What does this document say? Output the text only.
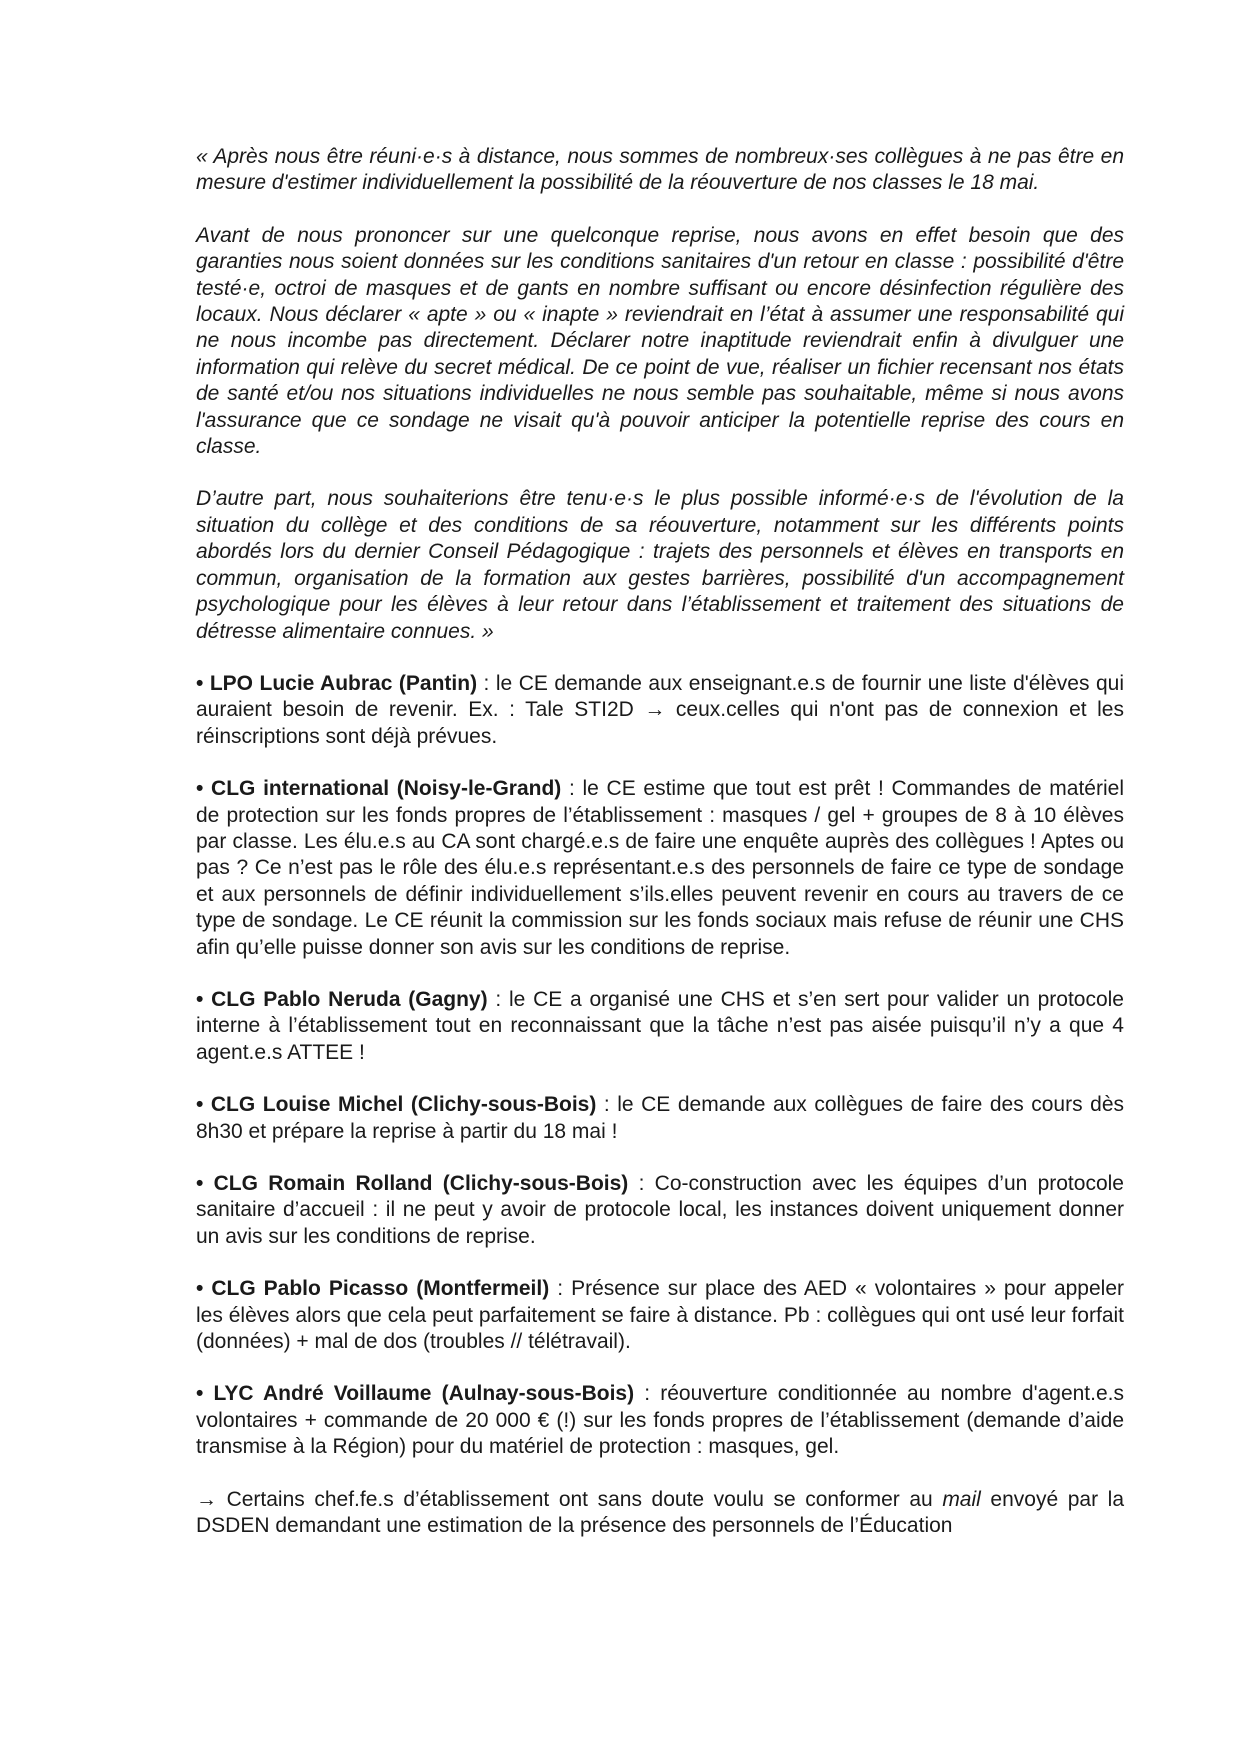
« Après nous être réuni·e·s à distance, nous sommes de nombreux·ses collègues à ne pas être en mesure d'estimer individuellement la possibilité de la réouverture de nos classes le 18 mai.

Avant de nous prononcer sur une quelconque reprise, nous avons en effet besoin que des garanties nous soient données sur les conditions sanitaires d'un retour en classe : possibilité d'être testé·e, octroi de masques et de gants en nombre suffisant ou encore désinfection régulière des locaux. Nous déclarer « apte » ou « inapte » reviendrait en l’état à assumer une responsabilité qui ne nous incombe pas directement. Déclarer notre inaptitude reviendrait enfin à divulguer une information qui relève du secret médical. De ce point de vue, réaliser un fichier recensant nos états de santé et/ou nos situations individuelles ne nous semble pas souhaitable, même si nous avons l'assurance que ce sondage ne visait qu'à pouvoir anticiper la potentielle reprise des cours en classe.

D’autre part, nous souhaiterions être tenu·e·s le plus possible informé·e·s de l'évolution de la situation du collège et des conditions de sa réouverture, notamment sur les différents points abordés lors du dernier Conseil Pédagogique : trajets des personnels et élèves en transports en commun, organisation de la formation aux gestes barrières, possibilité d'un accompagnement psychologique pour les élèves à leur retour dans l’établissement et traitement des situations de détresse alimentaire connues. »

• LPO Lucie Aubrac (Pantin) : le CE demande aux enseignant.e.s de fournir une liste d'élèves qui auraient besoin de revenir. Ex. : Tale STI2D → ceux.celles qui n'ont pas de connexion et les réinscriptions sont déjà prévues.

• CLG international (Noisy-le-Grand) : le CE estime que tout est prêt ! Commandes de matériel de protection sur les fonds propres de l’établissement : masques / gel + groupes de 8 à 10 élèves par classe. Les élu.e.s au CA sont chargé.e.s de faire une enquête auprès des collègues ! Aptes ou pas ? Ce n’est pas le rôle des élu.e.s représentant.e.s des personnels de faire ce type de sondage et aux personnels de définir individuellement s’ils.elles peuvent revenir en cours au travers de ce type de sondage. Le CE réunit la commission sur les fonds sociaux mais refuse de réunir une CHS afin qu’elle puisse donner son avis sur les conditions de reprise.

• CLG Pablo Neruda (Gagny) : le CE a organisé une CHS et s’en sert pour valider un protocole interne à l’établissement tout en reconnaissant que la tâche n’est pas aisée puisqu’il n’y a que 4 agent.e.s ATTEE !

• CLG Louise Michel (Clichy-sous-Bois) : le CE demande aux collègues de faire des cours dès 8h30 et prépare la reprise à partir du 18 mai !

• CLG Romain Rolland (Clichy-sous-Bois) : Co-construction avec les équipes d’un protocole sanitaire d’accueil : il ne peut y avoir de protocole local, les instances doivent uniquement donner un avis sur les conditions de reprise.

• CLG Pablo Picasso (Montfermeil) : Présence sur place des AED « volontaires » pour appeler les élèves alors que cela peut parfaitement se faire à distance. Pb : collègues qui ont usé leur forfait (données) + mal de dos (troubles // télétravail).

• LYC André Voillaume (Aulnay-sous-Bois) : réouverture conditionnée au nombre d'agent.e.s volontaires + commande de 20 000 € (!) sur les fonds propres de l’établissement (demande d’aide transmise à la Région) pour du matériel de protection : masques, gel.

→ Certains chef.fe.s d’établissement ont sans doute voulu se conformer au mail envoyé par la DSDEN demandant une estimation de la présence des personnels de l’Éducation
